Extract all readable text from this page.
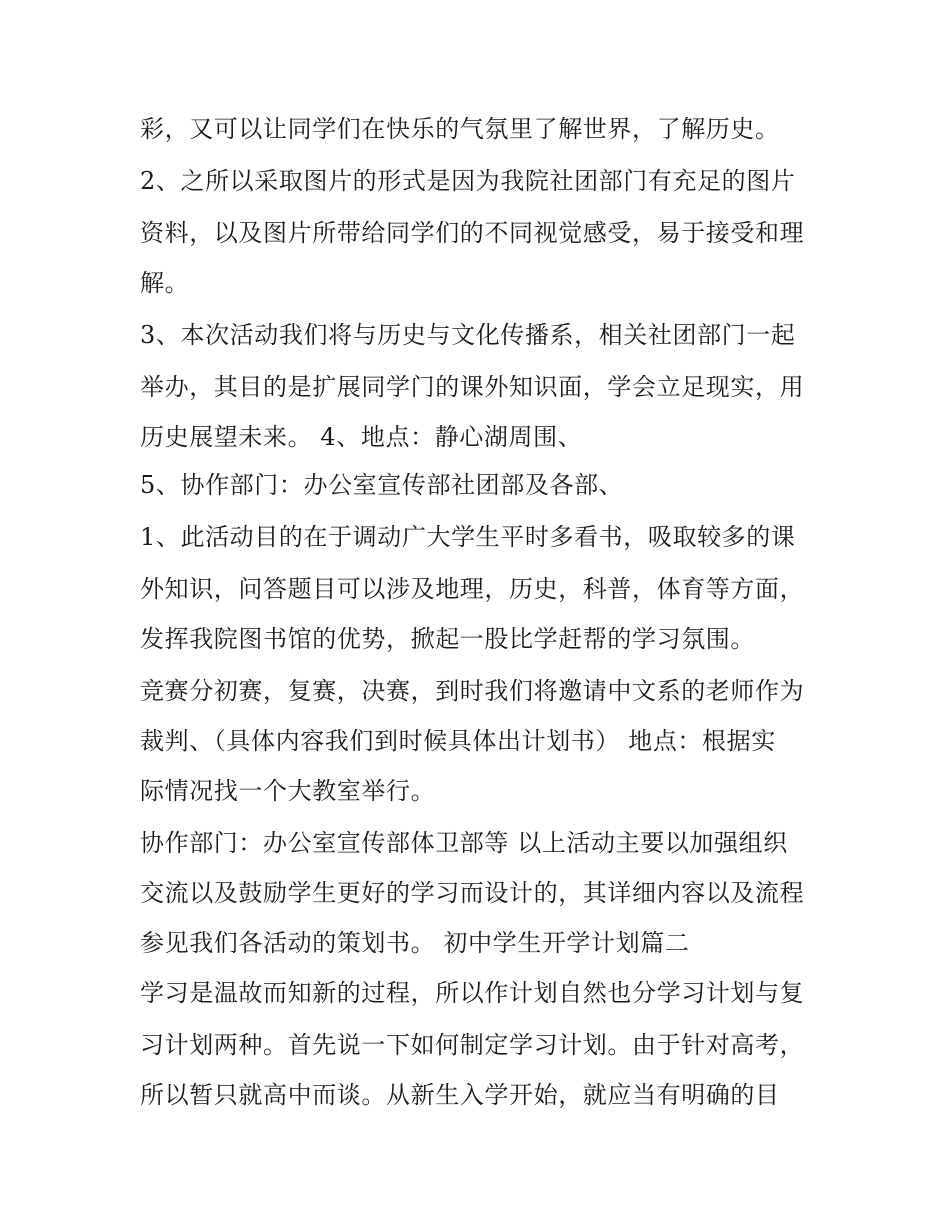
彩，又可以让同学们在快乐的气氛里了解世界，了解历史。
2、之所以采取图片的形式是因为我院社团部门有充足的图片
资料，以及图片所带给同学们的不同视觉感受，易于接受和理
解。
3、本次活动我们将与历史与文化传播系，相关社团部门一起
举办，其目的是扩展同学门的课外知识面，学会立足现实，用
历史展望未来。 4、地点：静心湖周围、
5、协作部门：办公室宣传部社团部及各部、
1、此活动目的在于调动广大学生平时多看书，吸取较多的课
外知识，问答题目可以涉及地理，历史，科普，体育等方面，
发挥我院图书馆的优势，掀起一股比学赶帮的学习氛围。
竞赛分初赛，复赛，决赛，到时我们将邀请中文系的老师作为
裁判、（具体内容我们到时候具体出计划书） 地点：根据实
际情况找一个大教室举行。
协作部门：办公室宣传部体卫部等 以上活动主要以加强组织
交流以及鼓励学生更好的学习而设计的，其详细内容以及流程
参见我们各活动的策划书。 初中学生开学计划篇二
学习是温故而知新的过程，所以作计划自然也分学习计划与复
习计划两种。首先说一下如何制定学习计划。由于针对高考，
所以暂只就高中而谈。从新生入学开始，就应当有明确的目
